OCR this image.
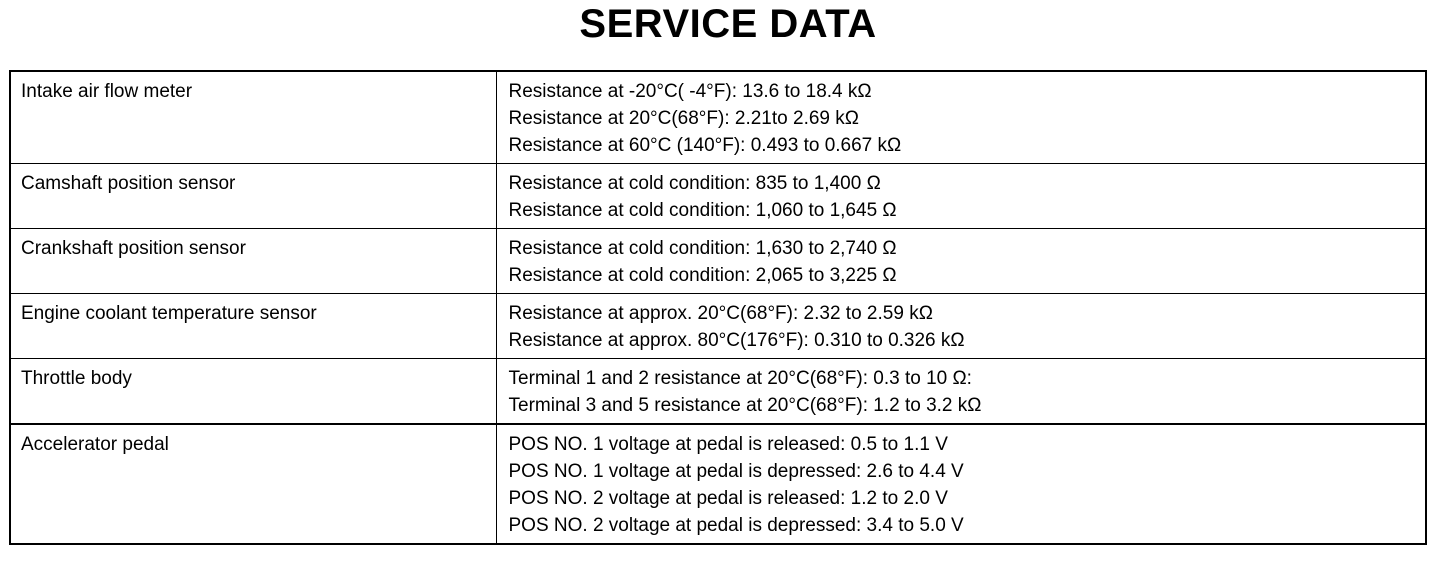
SERVICE DATA
Intake air flow meter	Resistance at -20°C( -4°F): 13.6 to 18.4 kΩ
Resistance at 20°C(68°F): 2.21to 2.69 kΩ
Resistance at 60°C (140°F): 0.493 to 0.667 kΩ

Camshaft position sensor	Resistance at cold condition: 835 to 1,400 Ω
Resistance at cold condition: 1,060 to 1,645 Ω

Crankshaft position sensor	Resistance at cold condition: 1,630 to 2,740 Ω
Resistance at cold condition: 2,065 to 3,225 Ω

Engine coolant temperature sensor	Resistance at approx. 20°C(68°F): 2.32 to 2.59 kΩ
Resistance at approx. 80°C(176°F): 0.310 to 0.326 kΩ

Throttle body	Terminal 1 and 2 resistance at 20°C(68°F): 0.3 to 10 Ω:
Terminal 3 and 5 resistance at 20°C(68°F): 1.2 to 3.2 kΩ

Accelerator pedal	POS NO. 1 voltage at pedal is released: 0.5 to 1.1 V
POS NO. 1 voltage at pedal is depressed: 2.6 to 4.4 V
POS NO. 2 voltage at pedal is released: 1.2 to 2.0 V
POS NO. 2 voltage at pedal is depressed: 3.4 to 5.0 V
